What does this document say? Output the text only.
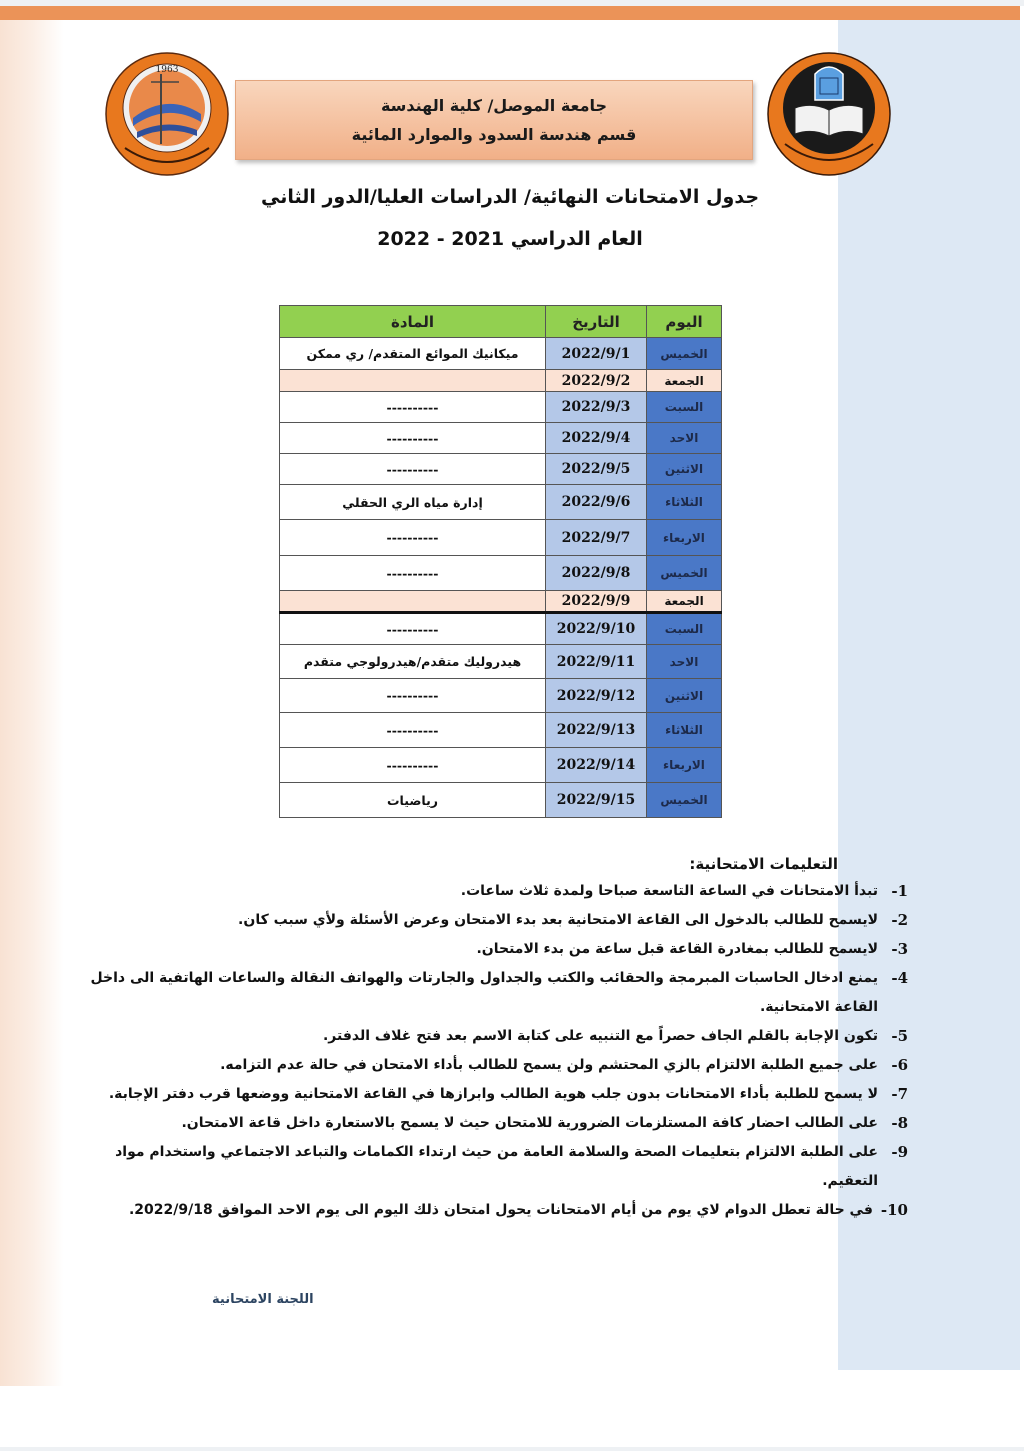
1963
جامعة الموصل/ كلية الهندسة
قسم هندسة السدود والموارد المائية
جدول الامتحانات النهائية/ الدراسات العليا/الدور الثاني
العام الدراسي 2021 - 2022
اليوم	التاريخ	المادة
الخميس	2022/9/1	ميكانيك الموائع المتقدم/ ري ممكن
الجمعة	2022/9/2	
السبت	2022/9/3	----------
الاحد	2022/9/4	----------
الاثنين	2022/9/5	----------
الثلاثاء	2022/9/6	إدارة مياه الري الحقلي
الاربعاء	2022/9/7	----------
الخميس	2022/9/8	----------
الجمعة	2022/9/9	
السبت	2022/9/10	----------
الاحد	2022/9/11	هيدروليك متقدم/هيدرولوجي متقدم
الاثنين	2022/9/12	----------
الثلاثاء	2022/9/13	----------
الاربعاء	2022/9/14	----------
الخميس	2022/9/15	رياضيات
التعليمات الامتحانية:
1-
تبدأ الامتحانات في الساعة التاسعة صباحا ولمدة ثلاث ساعات.
2-
لايسمح للطالب بالدخول الى القاعة الامتحانية بعد بدء الامتحان وعرض الأسئلة ولأي سبب كان.
3-
لايسمح للطالب بمغادرة القاعة قبل ساعة من بدء الامتحان.
4-
يمنع ادخال الحاسبات المبرمجة والحقائب والكتب والجداول والجارتات والهواتف النقالة والساعات الهاتفية الى داخل القاعة الامتحانية.
5-
تكون الإجابة بالقلم الجاف حصراً مع التنبيه على كتابة الاسم بعد فتح غلاف الدفتر.
6-
على جميع الطلبة الالتزام بالزي المحتشم ولن يسمح للطالب بأداء الامتحان في حالة عدم التزامه.
7-
لا يسمح للطلبة بأداء الامتحانات بدون جلب هوية الطالب وابرازها في القاعة الامتحانية ووضعها قرب دفتر الإجابة.
8-
على الطالب احضار كافة المستلزمات الضرورية للامتحان حيث لا يسمح بالاستعارة داخل قاعة الامتحان.
9-
على الطلبة الالتزام بتعليمات الصحة والسلامة العامة من حيث ارتداء الكمامات والتباعد الاجتماعي واستخدام مواد التعقيم.
10-
في حالة تعطل الدوام لاي يوم من أيام الامتحانات يحول امتحان ذلك اليوم الى يوم الاحد الموافق 2022/9/18.
اللجنة الامتحانية
